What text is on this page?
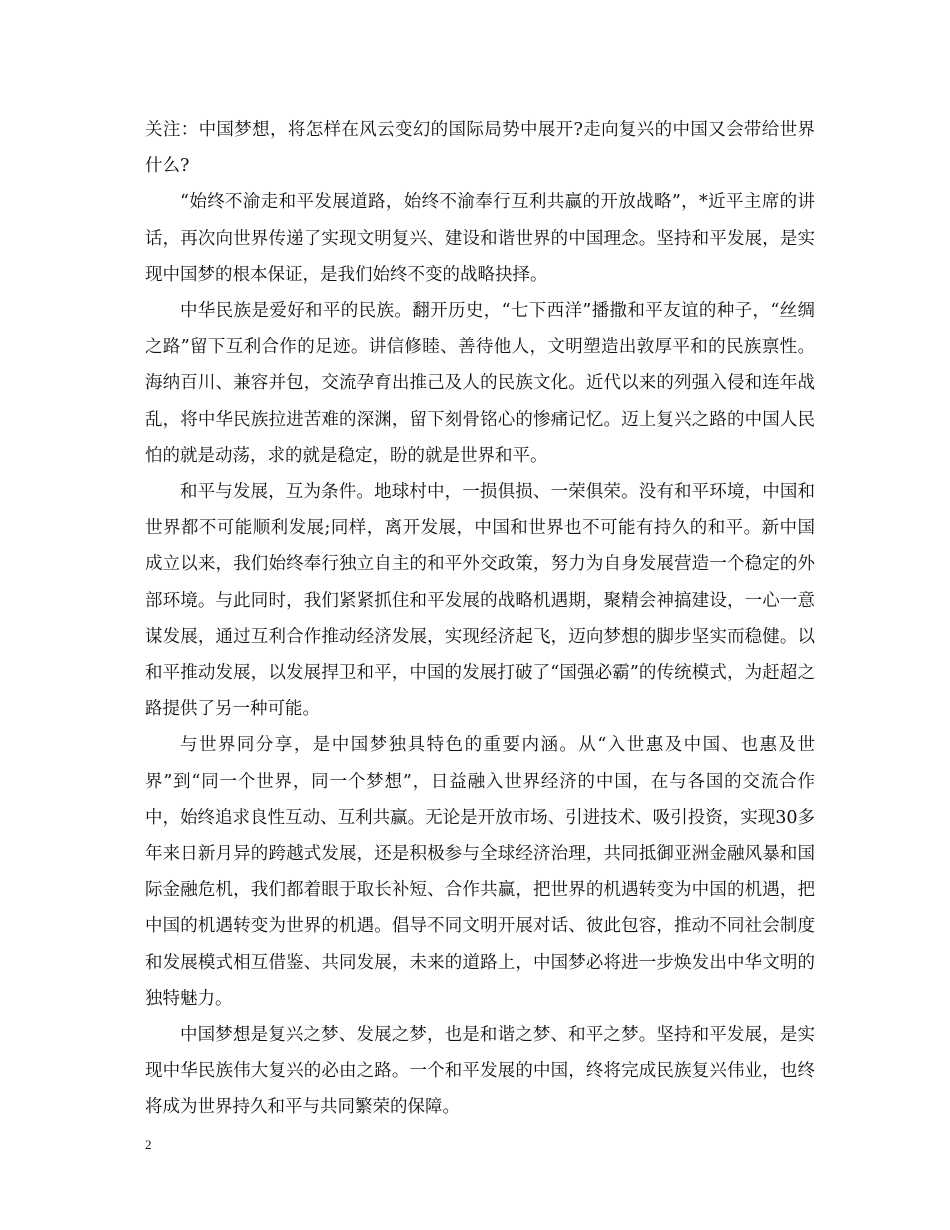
关注：中国梦想，将怎样在风云变幻的国际局势中展开?走向复兴的中国又会带给世界什么?

“始终不渝走和平发展道路，始终不渝奉行互利共赢的开放战略”，*近平主席的讲话，再次向世界传递了实现文明复兴、建设和谐世界的中国理念。坚持和平发展，是实现中国梦的根本保证，是我们始终不变的战略抉择。

中华民族是爱好和平的民族。翻开历史，“七下西洋”播撒和平友谊的种子，“丝绸之路”留下互利合作的足迹。讲信修睦、善待他人，文明塑造出敦厚平和的民族禀性。海纳百川、兼容并包，交流孕育出推己及人的民族文化。近代以来的列强入侵和连年战乱，将中华民族拉进苦难的深渊，留下刻骨铭心的惨痛记忆。迈上复兴之路的中国人民怕的就是动荡，求的就是稳定，盼的就是世界和平。

和平与发展，互为条件。地球村中，一损俱损、一荣俱荣。没有和平环境，中国和世界都不可能顺利发展;同样，离开发展，中国和世界也不可能有持久的和平。新中国成立以来，我们始终奉行独立自主的和平外交政策，努力为自身发展营造一个稳定的外部环境。与此同时，我们紧紧抓住和平发展的战略机遇期，聚精会神搞建设，一心一意谋发展，通过互利合作推动经济发展，实现经济起飞，迈向梦想的脚步坚实而稳健。以和平推动发展，以发展捍卫和平，中国的发展打破了“国强必霸”的传统模式，为赶超之路提供了另一种可能。

与世界同分享，是中国梦独具特色的重要内涵。从“入世惠及中国、也惠及世界”到“同一个世界，同一个梦想”，日益融入世界经济的中国，在与各国的交流合作中，始终追求良性互动、互利共赢。无论是开放市场、引进技术、吸引投资，实现30多年来日新月异的跨越式发展，还是积极参与全球经济治理，共同抵御亚洲金融风暴和国际金融危机，我们都着眼于取长补短、合作共赢，把世界的机遇转变为中国的机遇，把中国的机遇转变为世界的机遇。倡导不同文明开展对话、彼此包容，推动不同社会制度和发展模式相互借鉴、共同发展，未来的道路上，中国梦必将进一步焕发出中华文明的独特魅力。

中国梦想是复兴之梦、发展之梦，也是和谐之梦、和平之梦。坚持和平发展，是实现中华民族伟大复兴的必由之路。一个和平发展的中国，终将完成民族复兴伟业，也终将成为世界持久和平与共同繁荣的保障。

2
